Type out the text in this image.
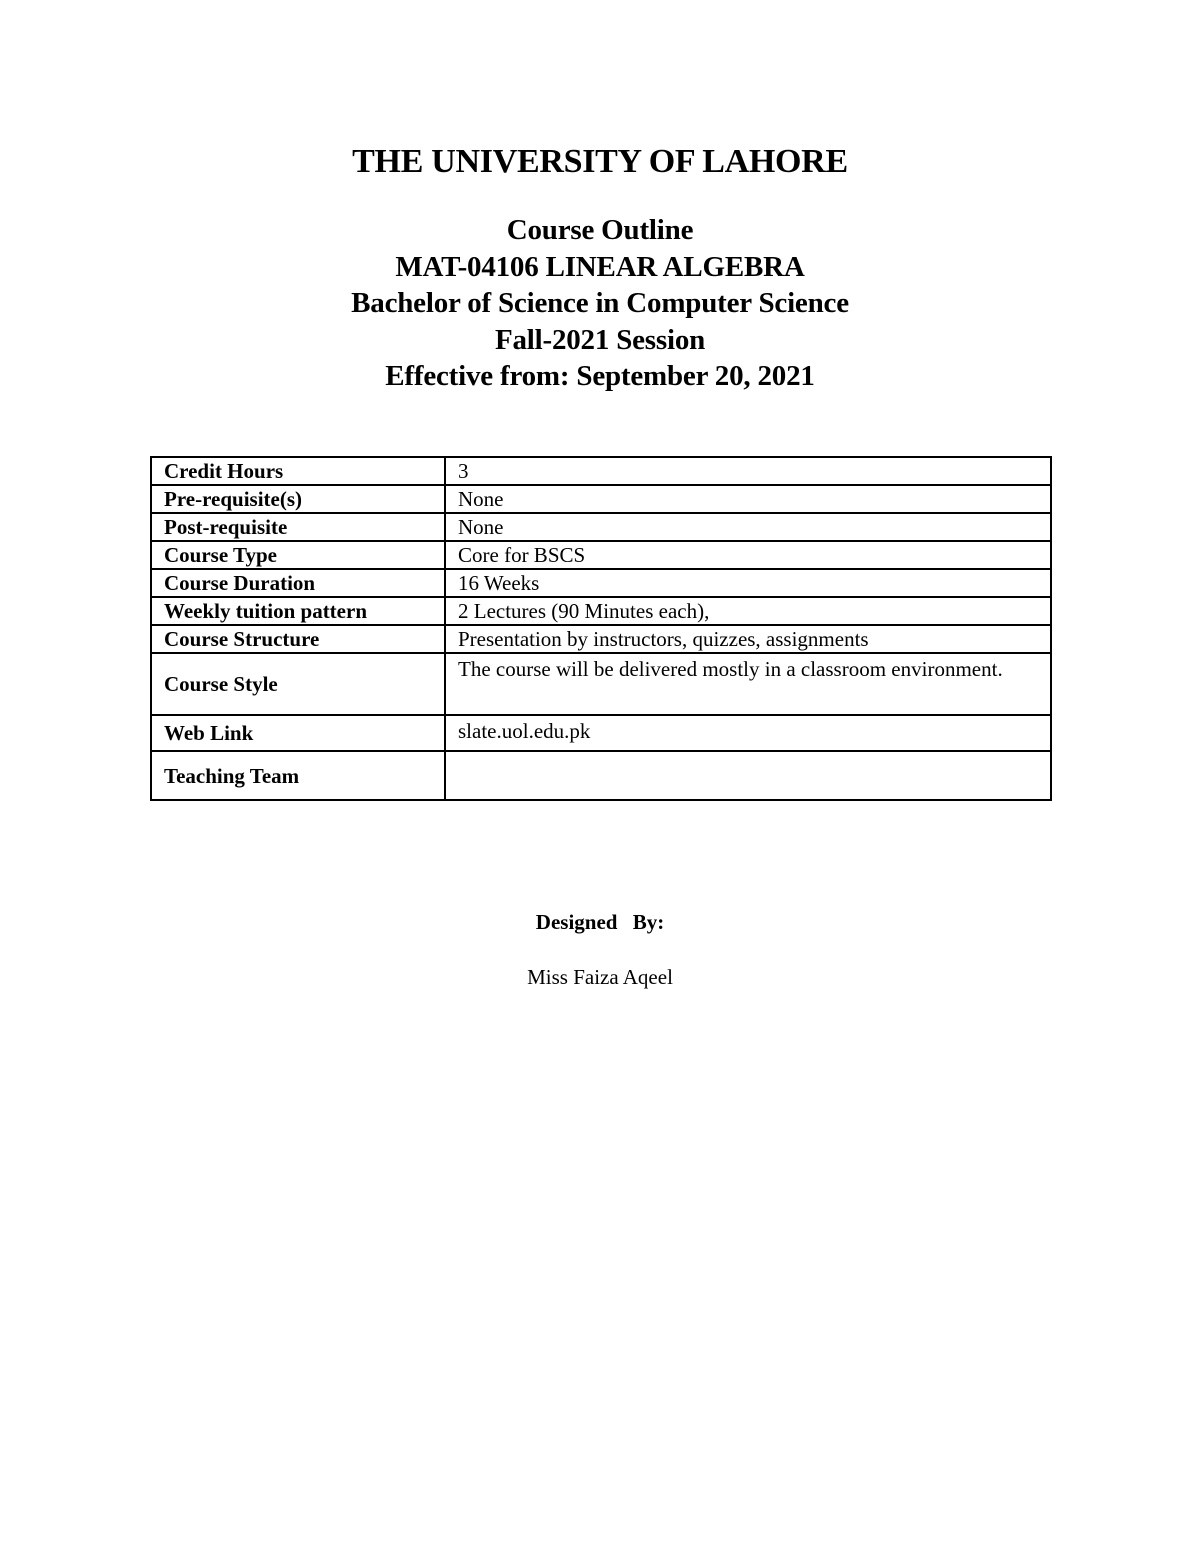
THE UNIVERSITY OF LAHORE
Course Outline
MAT-04106 LINEAR ALGEBRA
Bachelor of Science in Computer Science
Fall-2021 Session
Effective from: September 20, 2021
Credit Hours	3
Pre-requisite(s)	None
Post-requisite	None
Course Type	Core for BSCS
Course Duration	16 Weeks
Weekly tuition pattern	2 Lectures (90 Minutes each),
Course Structure	Presentation by instructors, quizzes, assignments
Course Style	The course will be delivered mostly in a classroom environment.
Web Link	slate.uol.edu.pk
Teaching Team	
Designed By:
Miss Faiza Aqeel
